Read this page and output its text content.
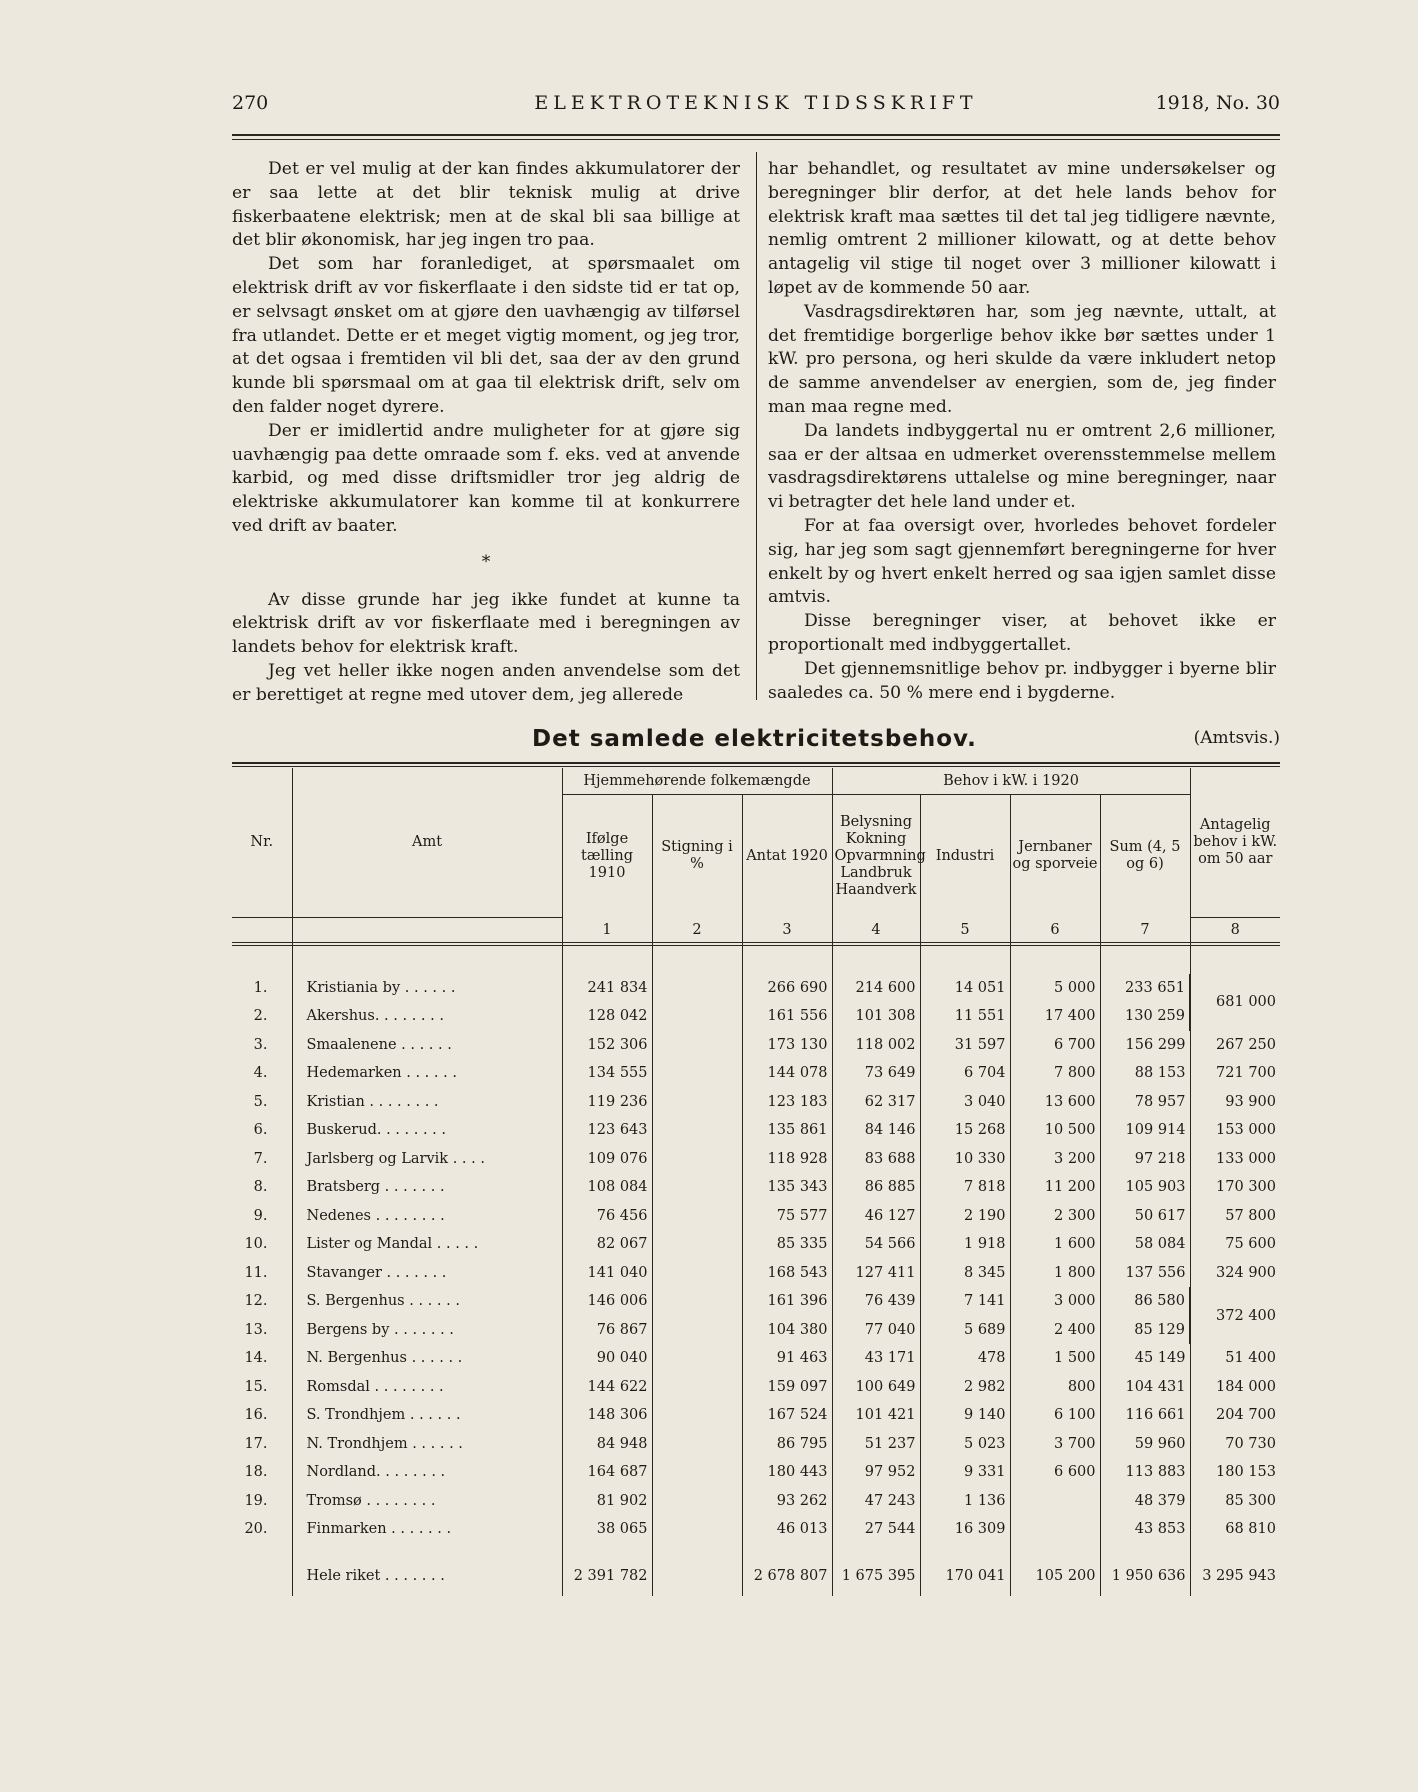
270	ELEKTROTEKNISK TIDSSKRIFT	1918, No. 30

Det er vel mulig at der kan findes akkumulatorer der er saa lette at det blir teknisk mulig at drive fiskerbaatene elektrisk; men at de skal bli saa billige at det blir økonomisk, har jeg ingen tro paa.

Det som har foranlediget, at spørsmaalet om elektrisk drift av vor fiskerflaate i den sidste tid er tat op, er selvsagt ønsket om at gjøre den uavhængig av tilførsel fra utlandet. Dette er et meget vigtig moment, og jeg tror, at det ogsaa i fremtiden vil bli det, saa der av den grund kunde bli spørsmaal om at gaa til elektrisk drift, selv om den falder noget dyrere.

Der er imidlertid andre muligheter for at gjøre sig uavhængig paa dette omraade som f. eks. ved at anvende karbid, og med disse driftsmidler tror jeg aldrig de elektriske akkumulatorer kan komme til at konkurrere ved drift av baater.

*

Av disse grunde har jeg ikke fundet at kunne ta elektrisk drift av vor fiskerflaate med i beregningen av landets behov for elektrisk kraft.

Jeg vet heller ikke nogen anden anvendelse som det er berettiget at regne med utover dem, jeg allerede

har behandlet, og resultatet av mine undersøkelser og beregninger blir derfor, at det hele lands behov for elektrisk kraft maa sættes til det tal jeg tidligere nævnte, nemlig omtrent 2 millioner kilowatt, og at dette behov antagelig vil stige til noget over 3 millioner kilowatt i løpet av de kommende 50 aar.

Vasdragsdirektøren har, som jeg nævnte, uttalt, at det fremtidige borgerlige behov ikke bør sættes under 1 kW. pro persona, og heri skulde da være inkludert netop de samme anvendelser av energien, som de, jeg finder man maa regne med.

Da landets indbyggertal nu er omtrent 2,6 millioner, saa er der altsaa en udmerket overensstemmelse mellem vasdragsdirektørens uttalelse og mine beregninger, naar vi betragter det hele land under et.

For at faa oversigt over, hvorledes behovet fordeler sig, har jeg som sagt gjennemført beregningerne for hver enkelt by og hvert enkelt herred og saa igjen samlet disse amtvis.

Disse beregninger viser, at behovet ikke er proportionalt med indbyggertallet.

Det gjennemsnitlige behov pr. indbygger i byerne blir saaledes ca. 50 % mere end i bygderne.

Det samlede elektricitetsbehov.	(Amtsvis.)
Nr.	Amt	Hjemmehørende folkemængde			Behov i kW. i 1920				Antagelig behov i kW. om 50 aar
		Ifølge tælling 1910	Stigning i %	Antat 1920	Belysning Kokning Opvarmning Landbruk Haandverk	Industri	Jernbaner og sporveie	Sum (4, 5 og 6)	
		1	2	3	4	5	6	7	8

1.	Kristiania by . . . . . .	241 834		266 690	214 600	14 051	5 000	233 651	681 000
2.	Akershus. . . . . . . .	128 042		161 556	101 308	11 551	17 400	130 259	
3.	Smaalenene . . . . . .	152 306		173 130	118 002	31 597	6 700	156 299	267 250
4.	Hedemarken . . . . . .	134 555		144 078	73 649	6 704	7 800	88 153	721 700
5.	Kristian . . . . . . . .	119 236		123 183	62 317	3 040	13 600	78 957	93 900
6.	Buskerud. . . . . . . .	123 643		135 861	84 146	15 268	10 500	109 914	153 000
7.	Jarlsberg og Larvik . . . .	109 076		118 928	83 688	10 330	3 200	97 218	133 000
8.	Bratsberg . . . . . . .	108 084		135 343	86 885	7 818	11 200	105 903	170 300
9.	Nedenes . . . . . . . .	76 456		75 577	46 127	2 190	2 300	50 617	57 800
10.	Lister og Mandal . . . . .	82 067		85 335	54 566	1 918	1 600	58 084	75 600
11.	Stavanger . . . . . . .	141 040		168 543	127 411	8 345	1 800	137 556	324 900
12.	S. Bergenhus . . . . . .	146 006		161 396	76 439	7 141	3 000	86 580	372 400
13.	Bergens by . . . . . . .	76 867		104 380	77 040	5 689	2 400	85 129	
14.	N. Bergenhus . . . . . .	90 040		91 463	43 171	478	1 500	45 149	51 400
15.	Romsdal . . . . . . . .	144 622		159 097	100 649	2 982	800	104 431	184 000
16.	S. Trondhjem . . . . . .	148 306		167 524	101 421	9 140	6 100	116 661	204 700
17.	N. Trondhjem . . . . . .	84 948		86 795	51 237	5 023	3 700	59 960	70 730
18.	Nordland. . . . . . . .	164 687		180 443	97 952	9 331	6 600	113 883	180 153
19.	Tromsø . . . . . . . .	81 902		93 262	47 243	1 136		48 379	85 300
20.	Finmarken . . . . . . .	38 065		46 013	27 544	16 309		43 853	68 810

	Hele riket . . . . . . .	2 391 782		2 678 807	1 675 395	170 041	105 200	1 950 636	3 295 943
